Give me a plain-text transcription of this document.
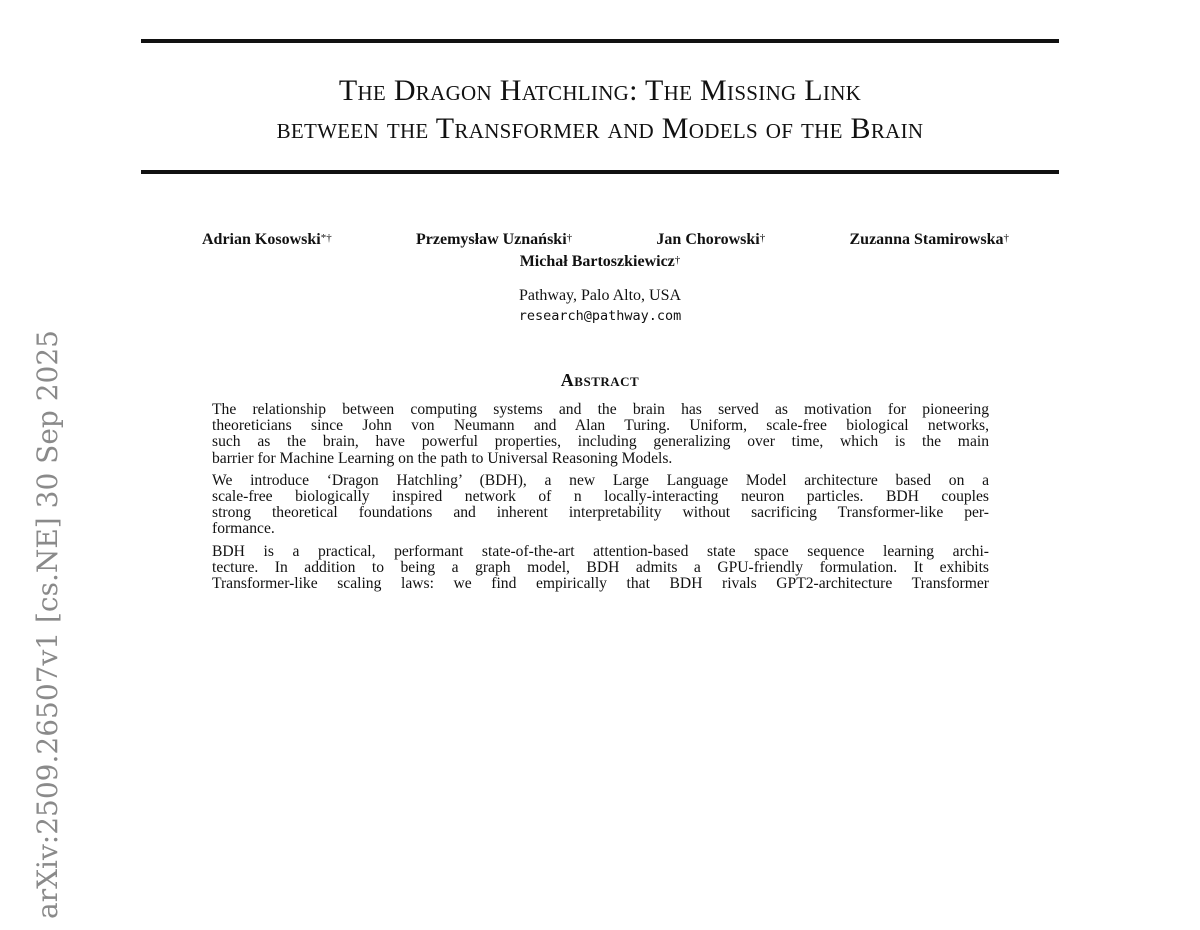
arXiv:2509.26507v1 [cs.NE] 30 Sep 2025
The Dragon Hatchling: The Missing Link
between the Transformer and Models of the Brain
Adrian Kosowski*†	Przemysław Uznański†	Jan Chorowski†	Zuzanna Stamirowska†
Michał Bartoszkiewicz†
Pathway, Palo Alto, USA
research@pathway.com
Abstract

The relationship between computing systems and the brain has served as motivation for pioneering
theoreticians since John von Neumann and Alan Turing. Uniform, scale-free biological networks,
such as the brain, have powerful properties, including generalizing over time, which is the main
barrier for Machine Learning on the path to Universal Reasoning Models.

We introduce ‘Dragon Hatchling’ (BDH), a new Large Language Model architecture based on a
scale-free biologically inspired network of n locally-interacting neuron particles. BDH couples
strong theoretical foundations and inherent interpretability without sacrificing Transformer-like per-
formance.

BDH is a practical, performant state-of-the-art attention-based state space sequence learning archi-
tecture. In addition to being a graph model, BDH admits a GPU-friendly formulation. It exhibits
Transformer-like scaling laws: we find empirically that BDH rivals GPT2-architecture Transformer
